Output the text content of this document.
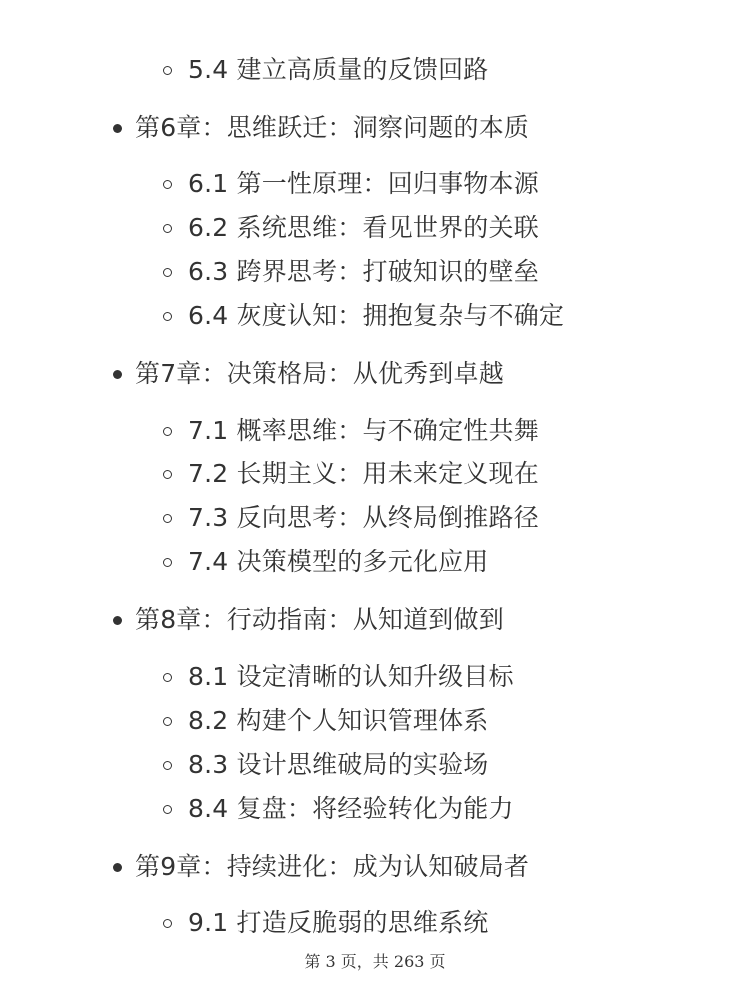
5.4 建立高质量的反馈回路
第6章：思维跃迁：洞察问题的本质
6.1 第一性原理：回归事物本源
6.2 系统思维：看见世界的关联
6.3 跨界思考：打破知识的壁垒
6.4 灰度认知：拥抱复杂与不确定
第7章：决策格局：从优秀到卓越
7.1 概率思维：与不确定性共舞
7.2 长期主义：用未来定义现在
7.3 反向思考：从终局倒推路径
7.4 决策模型的多元化应用
第8章：行动指南：从知道到做到
8.1 设定清晰的认知升级目标
8.2 构建个人知识管理体系
8.3 设计思维破局的实验场
8.4 复盘：将经验转化为能力
第9章：持续进化：成为认知破局者
9.1 打造反脆弱的思维系统
第 3 页，共 263 页
